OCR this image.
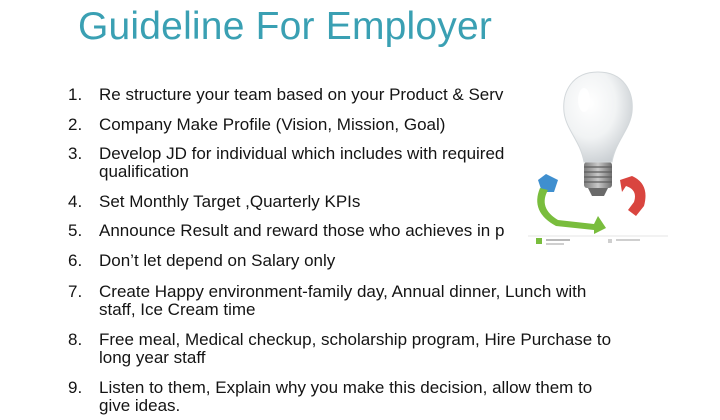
Guideline For Employer
1. Re structure your team based on your Product & Serv
2. Company Make Profile (Vision, Mission, Goal)
3. Develop JD for individual which includes with required
qualification
4. Set Monthly Target ,Quarterly KPIs
5. Announce Result and reward those who achieves in p
6. Don’t let depend on Salary only
7. Create Happy environment-family day, Annual dinner, Lunch with
staff, Ice Cream time
8. Free meal, Medical checkup, scholarship program, Hire Purchase to
long year staff
9. Listen to them, Explain why you make this decision, allow them to
give ideas.
